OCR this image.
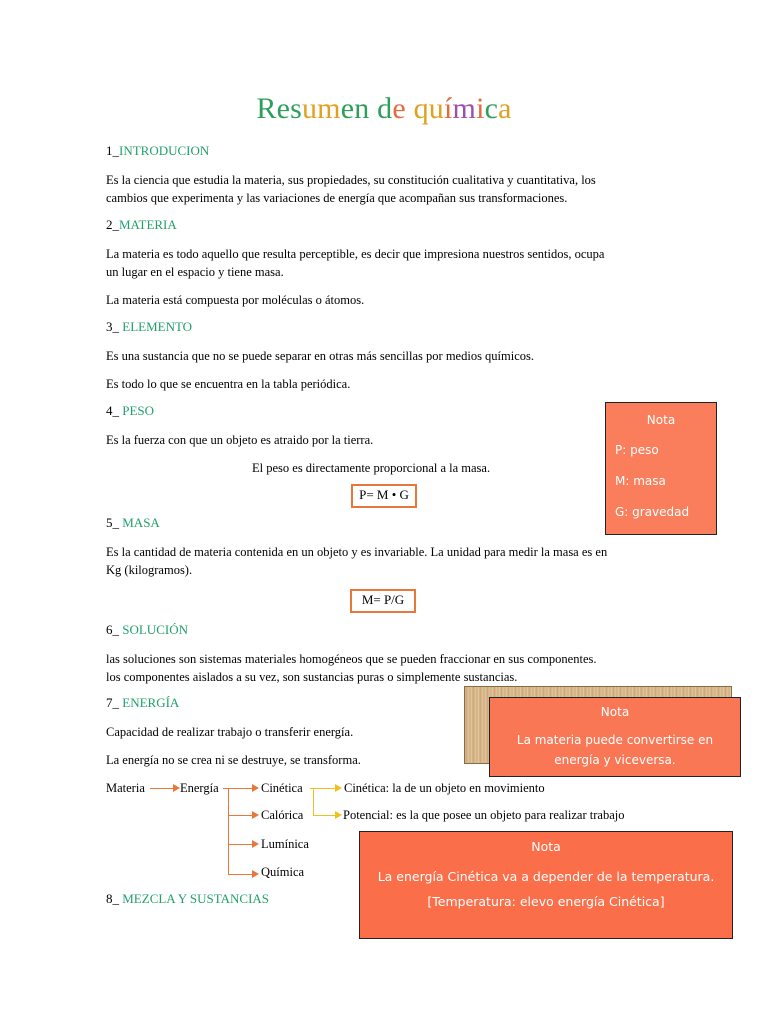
Resumen de química
1_INTRODUCION
Es la ciencia que estudia la materia, sus propiedades, su constitución cualitativa y cuantitativa, los
cambios que experimenta y las variaciones de energía que acompañan sus transformaciones.
2_MATERIA
La materia es todo aquello que resulta perceptible, es decir que impresiona nuestros sentidos, ocupa
un lugar en el espacio y tiene masa.
La materia está compuesta por moléculas o átomos.
3_ ELEMENTO
Es una sustancia que no se puede separar en otras más sencillas por medios químicos.
Es todo lo que se encuentra en la tabla periódica.
4_ PESO
Es la fuerza con que un objeto es atraido por la tierra.
El peso es directamente proporcional a la masa.
P= M • G
Nota
P: peso
M: masa
G: gravedad
5_ MASA
Es la cantidad de materia contenida en un objeto y es invariable. La unidad para medir la masa es en
Kg (kilogramos).
M= P/G
6_ SOLUCIÓN
las soluciones son sistemas materiales homogéneos que se pueden fraccionar en sus componentes.
los componentes aislados a su vez, son sustancias puras o simplemente sustancias.
7_ ENERGÍA
Capacidad de realizar trabajo o transferir energía.
La energía no se crea ni se destruye, se transforma.
Nota
La materia puede convertirse en
energía y viceversa.
Materia	Energía	Cinética
Calórica
Lumínica
Química
Cinética: la de un objeto en movimiento
Potencial: es la que posee un objeto para realizar trabajo
Nota
La energía Cinética va a depender de la temperatura.
[Temperatura: elevo energía Cinética]
8_ MEZCLA Y SUSTANCIAS
